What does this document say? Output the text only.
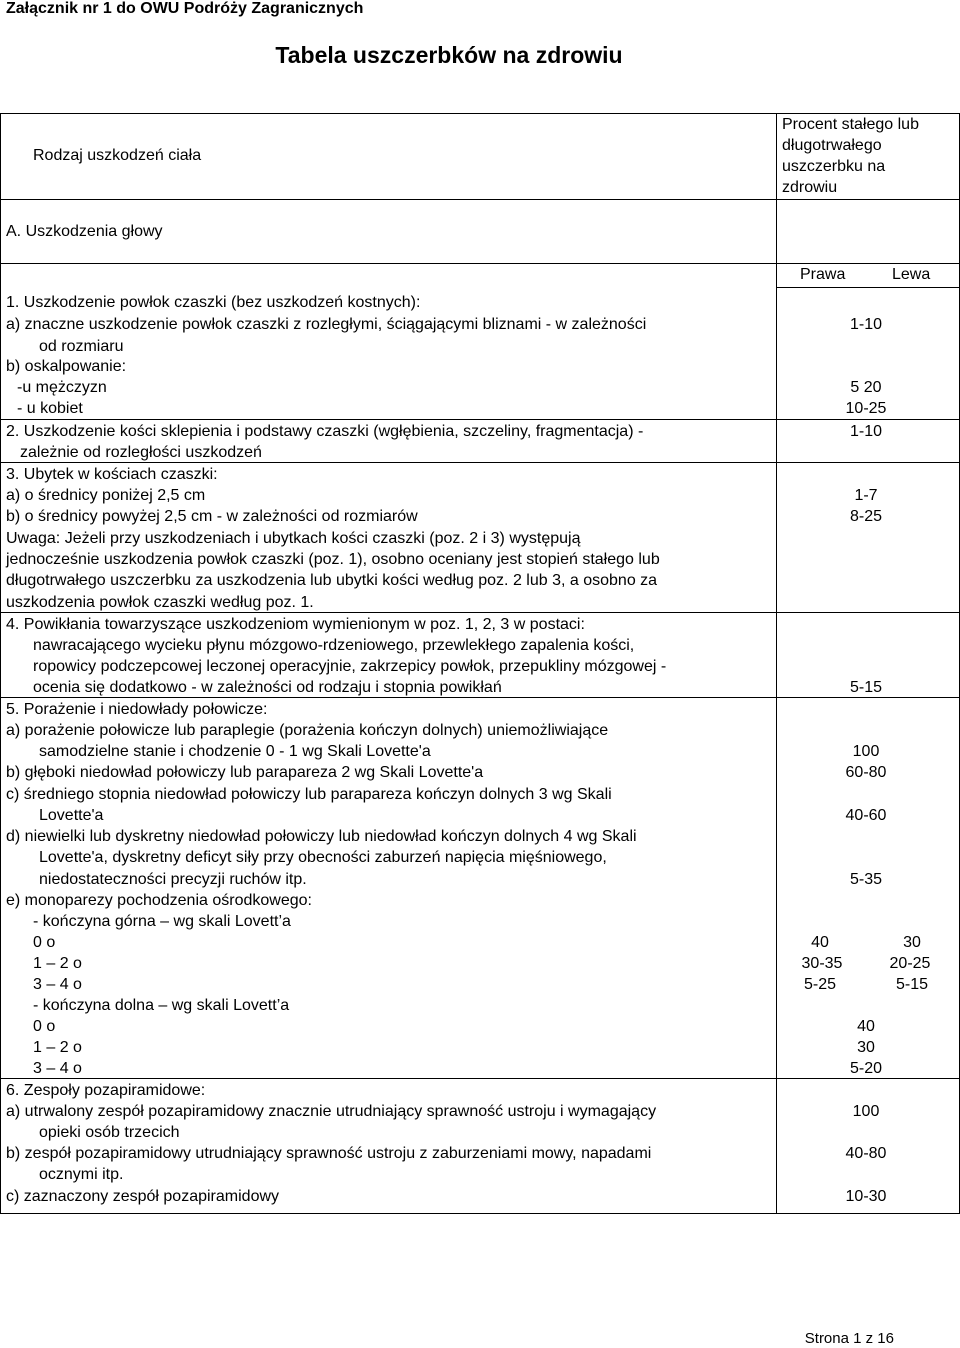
Załącznik nr 1 do OWU Podróży Zagranicznych
Tabela uszczerbków na zdrowiu
Rodzaj uszkodzeń ciała
Procent stałego lub
długotrwałego
uszczerbku na
zdrowiu
A. Uszkodzenia głowy
Prawa	Lewa
1. Uszkodzenie powłok czaszki (bez uszkodzeń kostnych):
a) znaczne uszkodzenie powłok czaszki z rozległymi, ściągającymi bliznami - w zależności	1-10
od rozmiaru
b) oskalpowanie:
-u mężczyzn	5 20
- u kobiet	10-25
2. Uszkodzenie kości sklepienia i podstawy czaszki (wgłębienia, szczeliny, fragmentacja) -	1-10
zależnie od rozległości uszkodzeń
3. Ubytek w kościach czaszki:
a) o średnicy poniżej 2,5 cm	1-7
b) o średnicy powyżej 2,5 cm - w zależności od rozmiarów	8-25
Uwaga: Jeżeli przy uszkodzeniach i ubytkach kości czaszki (poz. 2 i 3) występują
jednocześnie uszkodzenia powłok czaszki (poz. 1), osobno oceniany jest stopień stałego lub
długotrwałego uszczerbku za uszkodzenia lub ubytki kości według poz. 2 lub 3, a osobno za
uszkodzenia powłok czaszki według poz. 1.
4. Powikłania towarzyszące uszkodzeniom wymienionym w poz. 1, 2, 3 w postaci:
nawracającego wycieku płynu mózgowo-rdzeniowego, przewlekłego zapalenia kości,
ropowicy podczepcowej leczonej operacyjnie, zakrzepicy powłok, przepukliny mózgowej -
ocenia się dodatkowo - w zależności od rodzaju i stopnia powikłań	5-15
5. Porażenie i niedowłady połowicze:
a) porażenie połowicze lub paraplegie (porażenia kończyn dolnych) uniemożliwiające
samodzielne stanie i chodzenie 0 - 1 wg Skali Lovette'a	100
b) głęboki niedowład połowiczy lub parapareza 2 wg Skali Lovette'a	60-80
c) średniego stopnia niedowład połowiczy lub parapareza kończyn dolnych 3 wg Skali
Lovette'a	40-60
d) niewielki lub dyskretny niedowład połowiczy lub niedowład kończyn dolnych 4 wg Skali
Lovette'a, dyskretny deficyt siły przy obecności zaburzeń napięcia mięśniowego,
niedostateczności precyzji ruchów itp.	5-35
e) monoparezy pochodzenia ośrodkowego:
- kończyna górna – wg skali Lovett’a
0 o	40	30
1 – 2 o	30-35	20-25
3 – 4 o	5-25	5-15
- kończyna dolna – wg skali Lovett’a
0 o	40
1 – 2 o	30
3 – 4 o	5-20
6. Zespoły pozapiramidowe:
a) utrwalony zespół pozapiramidowy znacznie utrudniający sprawność ustroju i wymagający	100
opieki osób trzecich
b) zespół pozapiramidowy utrudniający sprawność ustroju z zaburzeniami mowy, napadami	40-80
ocznymi itp.
c) zaznaczony zespół pozapiramidowy	10-30
Strona 1 z 16
